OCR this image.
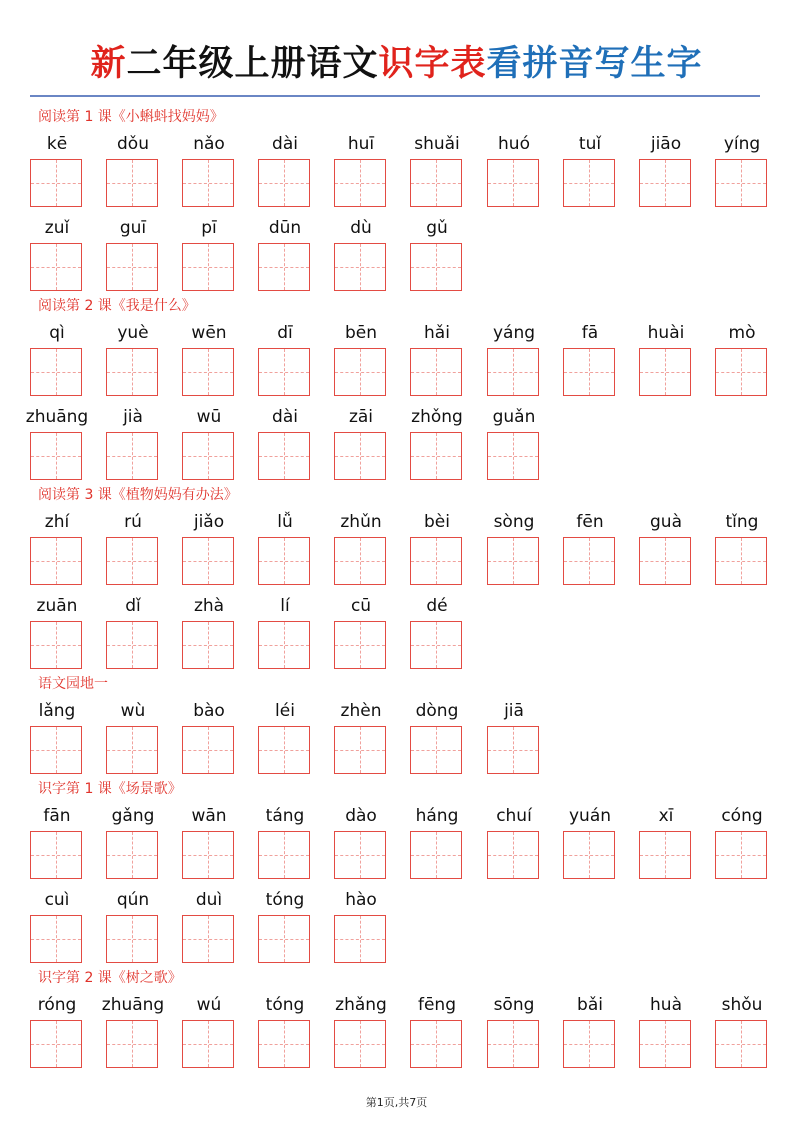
新二年级上册语文识字表看拼音写生字
阅读第 1 课《小蝌蚪找妈妈》
kē	dǒu	nǎo	dài	huī	shuǎi	huó	tuǐ	jiāo	yíng
zuǐ	guī	pī	dūn	dù	gǔ
阅读第 2 课《我是什么》
qì	yuè	wēn	dī	bēn	hǎi	yáng	fā	huài	mò
zhuāng	jià	wū	dài	zāi	zhǒng	guǎn
阅读第 3 课《植物妈妈有办法》
zhí	rú	jiǎo	lǚ	zhǔn	bèi	sòng	fēn	guà	tǐng
zuān	dǐ	zhà	lí	cū	dé
语文园地一
lǎng	wù	bào	léi	zhèn	dòng	jiā
识字第 1 课《场景歌》
fān	gǎng	wān	táng	dào	háng	chuí	yuán	xī	cóng
cuì	qún	duì	tóng	hào
识字第 2 课《树之歌》
róng	zhuāng	wú	tóng	zhǎng	fēng	sōng	bǎi	huà	shǒu
第1页,共7页
